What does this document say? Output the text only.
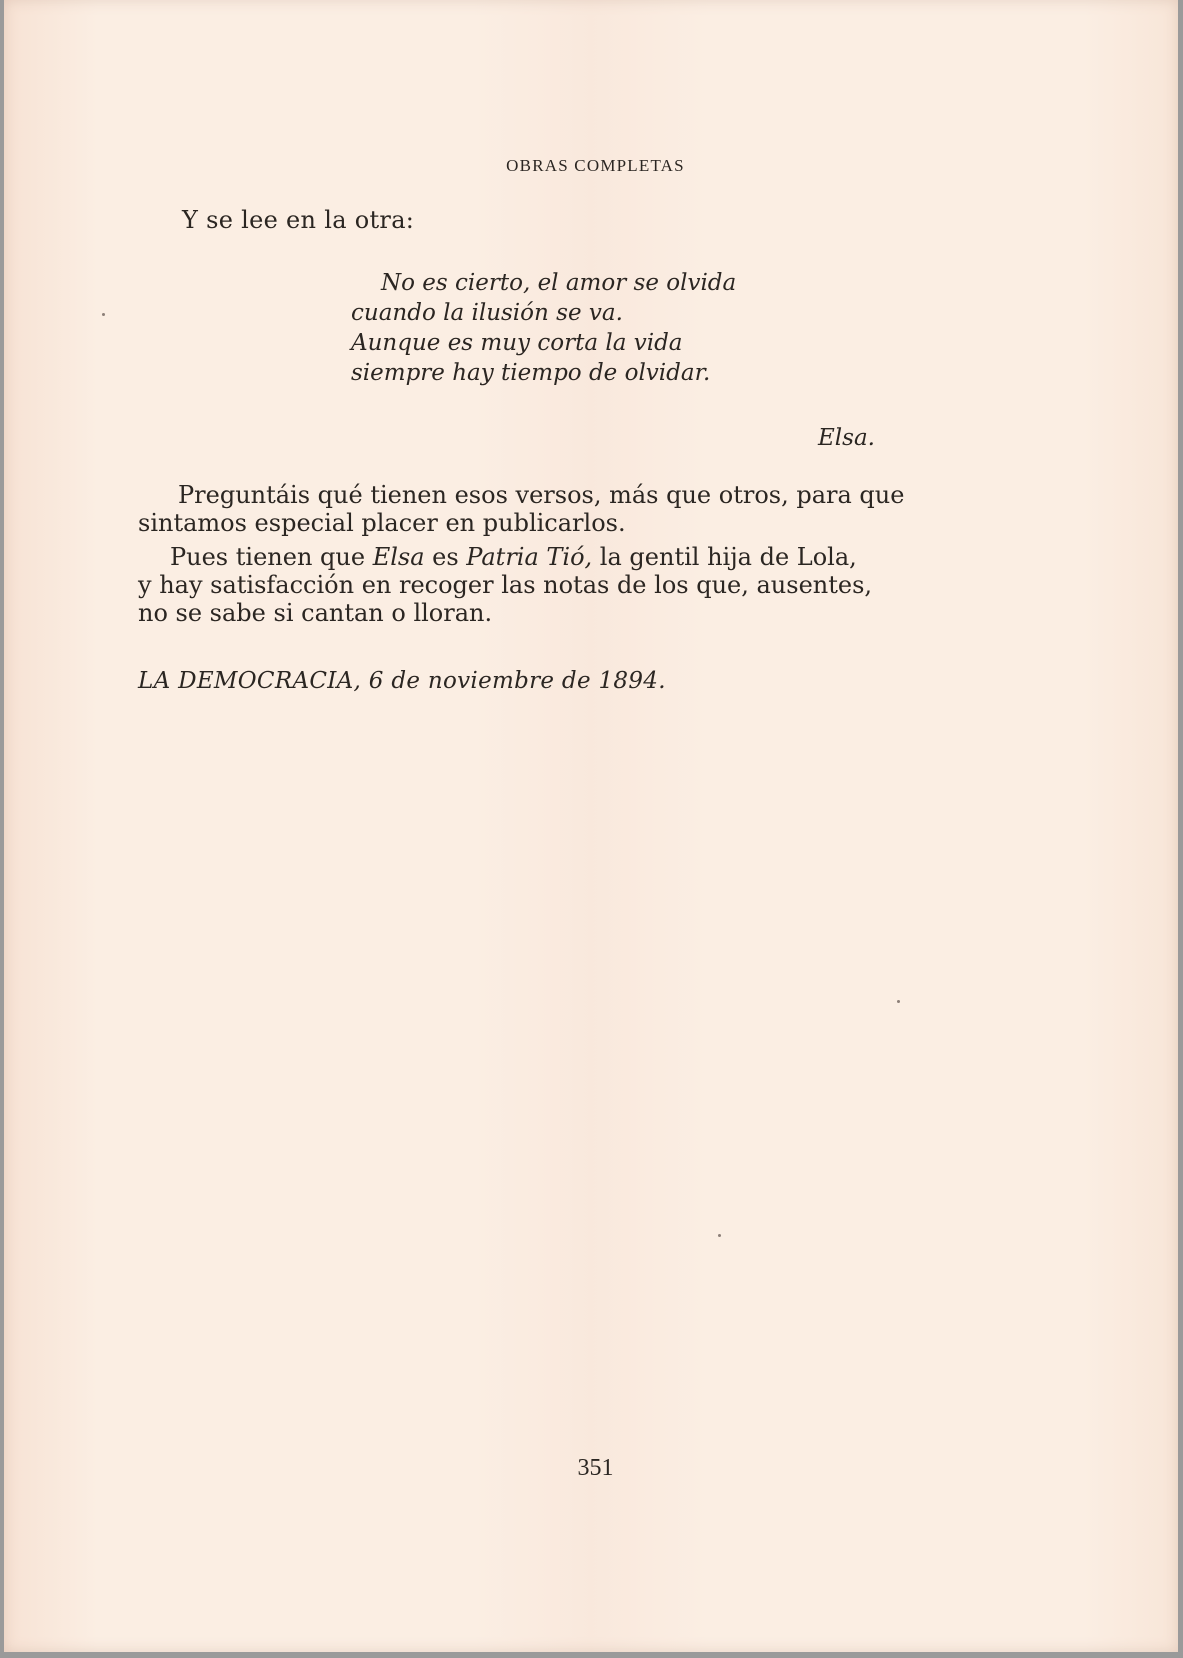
OBRAS COMPLETAS
Y se lee en la otra:
No es cierto, el amor se olvida
cuando la ilusión se va.
Aunque es muy corta la vida
siempre hay tiempo de olvidar.
Elsa.
Preguntáis qué tienen esos versos, más que otros, para que
sintamos especial placer en publicarlos.
Pues tienen que Elsa es Patria Tió, la gentil hija de Lola,
y hay satisfacción en recoger las notas de los que, ausentes,
no se sabe si cantan o lloran.
LA DEMOCRACIA, 6 de noviembre de 1894.
351
